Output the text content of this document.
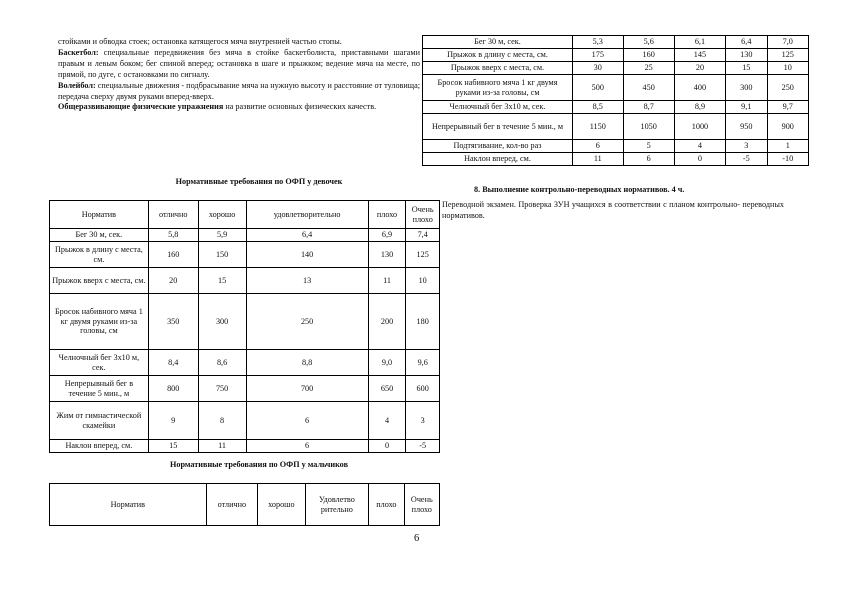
стойками и обводка стоек; остановка катящегося мяча внутренней частью стопы.

Баскетбол: специальные передвижения без мяча в стойке баскетболиста, приставными шагами правым и левым боком; бег спиной вперед; остановка в шаге и прыжком; ведение мяча на месте, по прямой, по дуге, с остановками по сигналу.

Волейбол: специальные движения - подбрасывание мяча на нужную высоту и расстояние от туловища; передача сверху двумя руками вперед-вверх.

Общеразвивающие физические упражнения на развитие основных физических качеств.

Нормативные требования по ОФП у девочек
Норматив	отлично	хорошо	удовлетворительно	плохо	Очень плохо
Бег 30 м, сек.	5,8	5,9	6,4	6,9	7,4
Прыжок в длину с места, см.	160	150	140	130	125
Прыжок вверх с места, см.	20	15	13	11	10
Бросок набивного мяча 1 кг двумя руками из-за головы, см	350	300	250	200	180
Челночный бег 3х10 м, сек.	8,4	8,6	8,8	9,0	9,6
Непрерывный бег в течение 5 мин., м	800	750	700	650	600
Жим от гимнастической скамейки	9	8	6	4	3
Наклон вперед, см.	15	11	6	0	-5
Нормативные требования по ОФП у мальчиков
Норматив	отлично	хорошо	Удовлетво рительно	плохо	Очень плохо
Бег 30 м, сек.	5,3	5,6	6,1	6,4	7,0
Прыжок в длину с места, см.	175	160	145	130	125
Прыжок вверх с места, см.	30	25	20	15	10
Бросок набивного мяча 1 кг двумя руками из-за головы, см	500	450	400	300	250
Челночный бег 3х10 м, сек.	8,5	8,7	8,9	9,1	9,7
Непрерывный бег в течение 5 мин., м	1150	1050	1000	950	900
Подтягивание, кол-во раз	6	5	4	3	1
Наклон вперед, см.	11	6	0	-5	-10
8. Выполнение контрольно-переводных нормативов. 4 ч.
Переводной экзамен. Проверка ЗУН учащихся в соответствии с планом контрольно- переводных нормативов.
6
